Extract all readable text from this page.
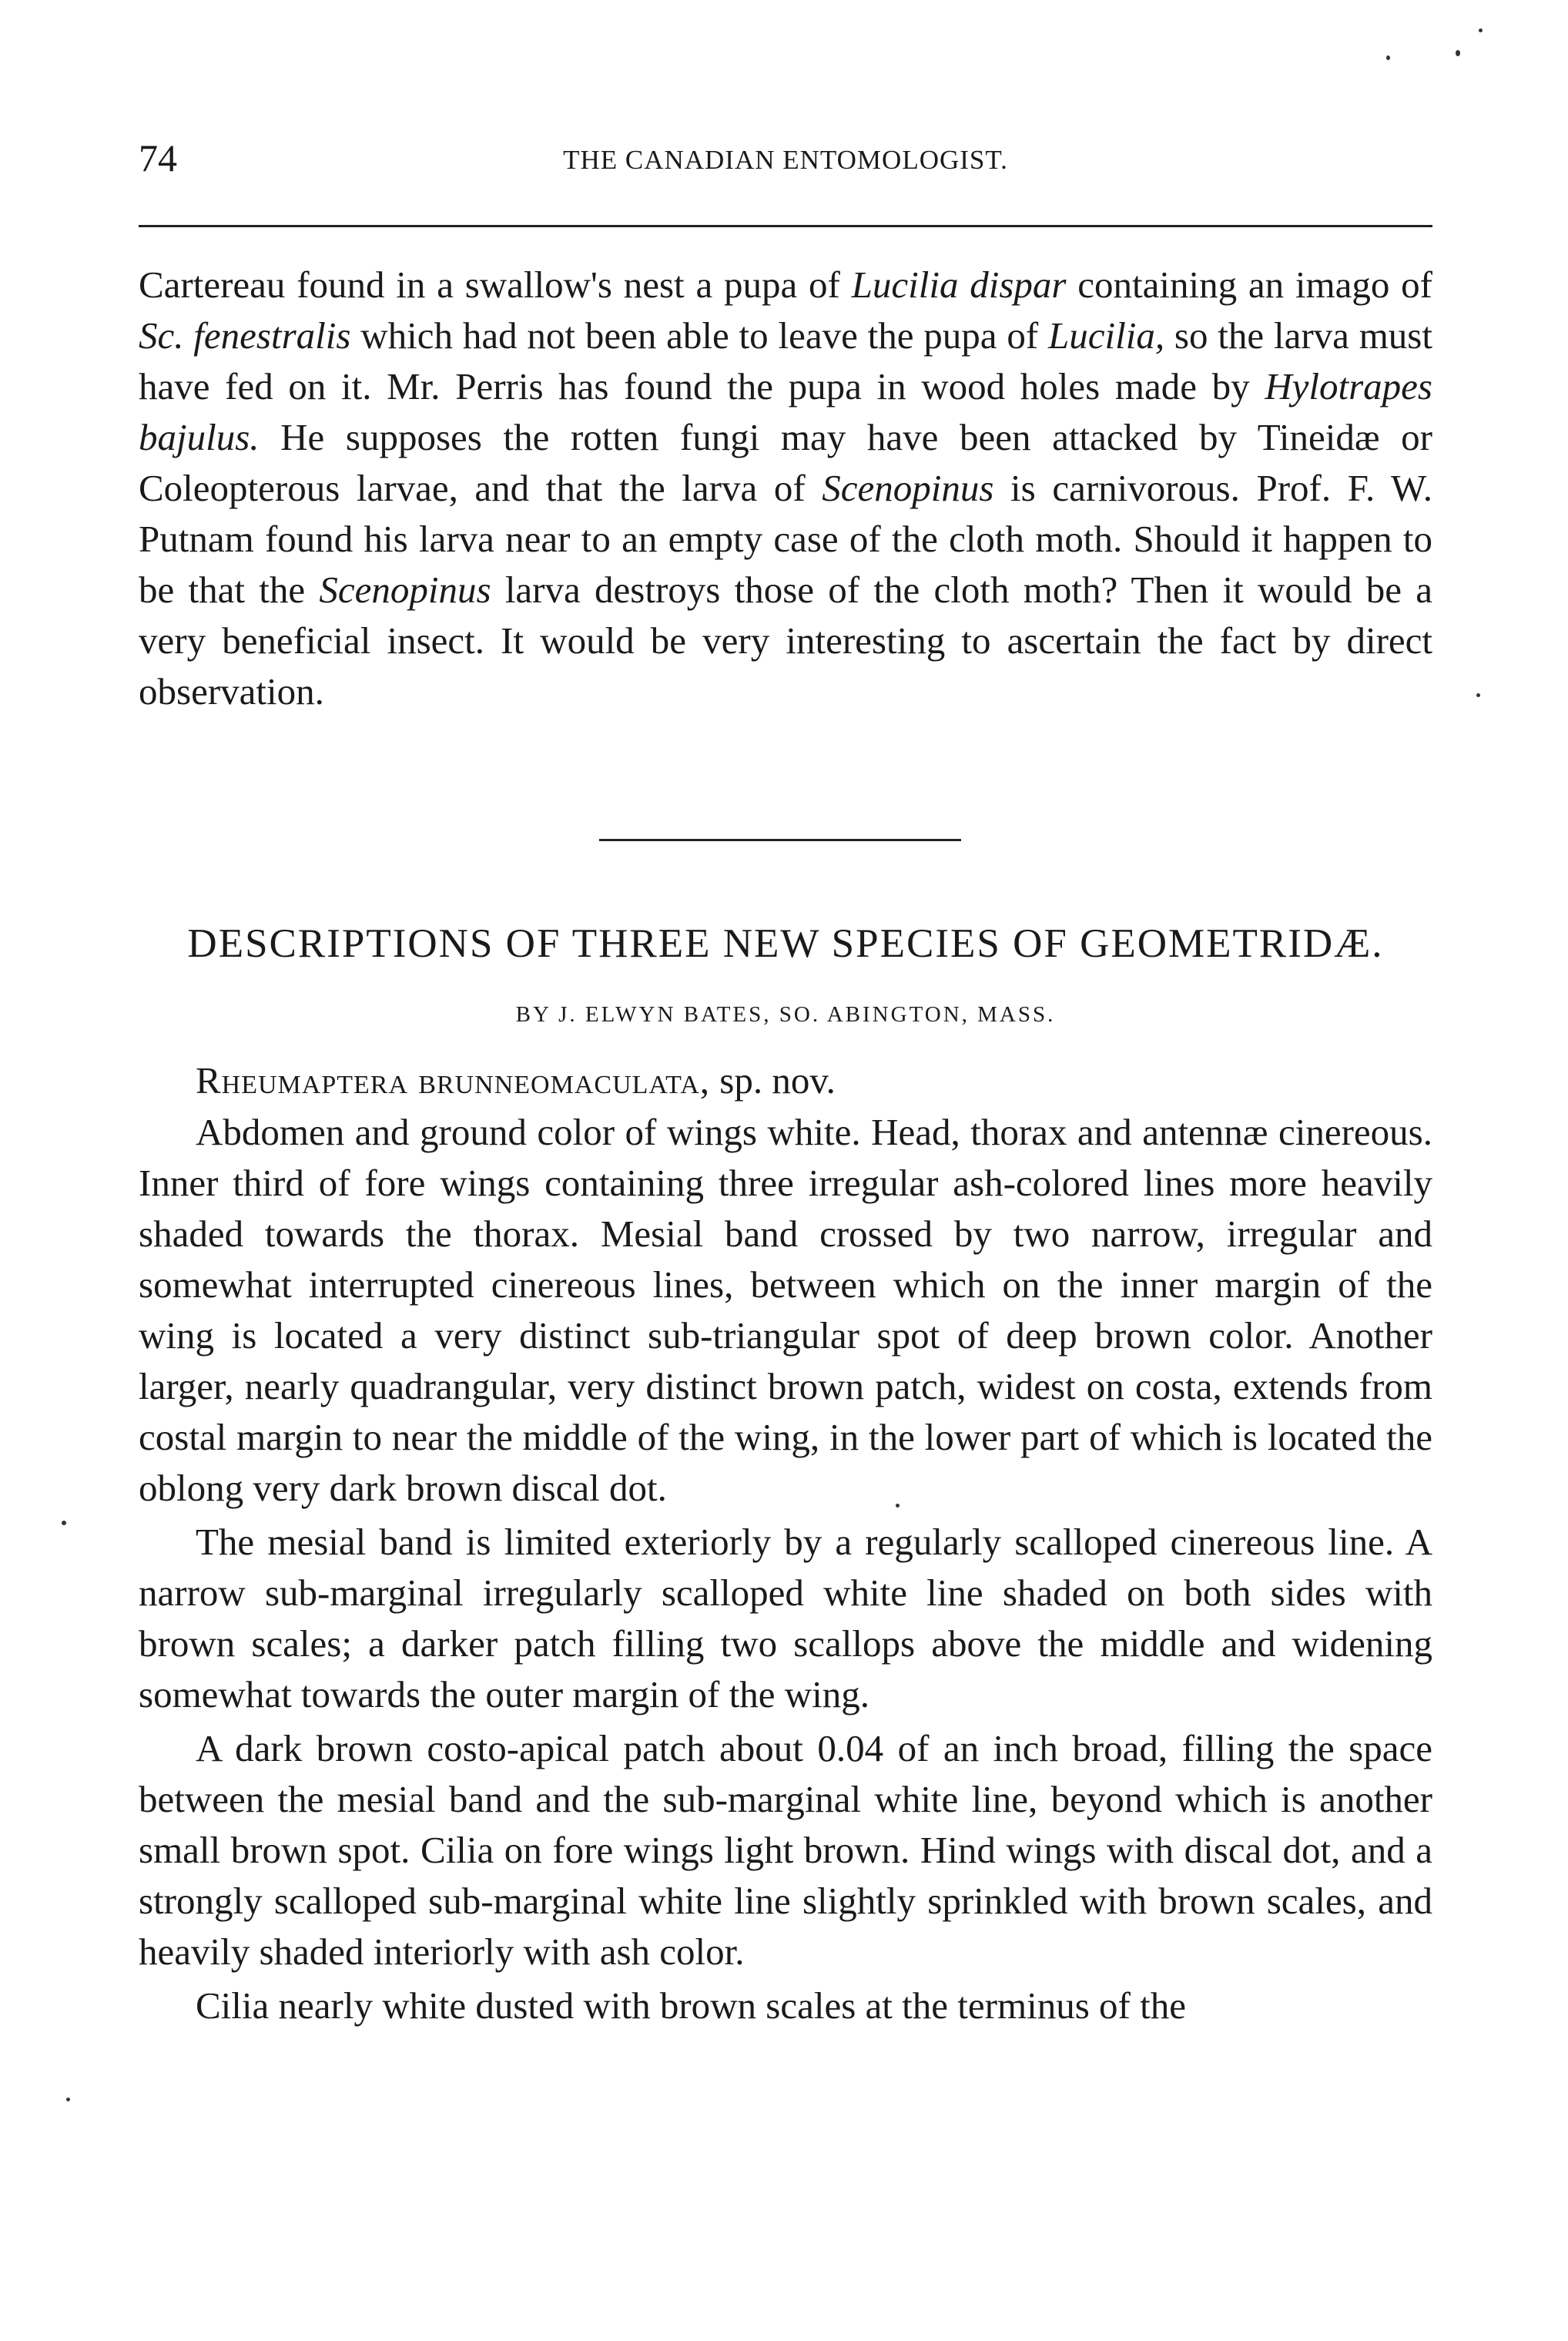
74	THE CANADIAN ENTOMOLOGIST.

Cartereau found in a swallow's nest a pupa of Lucilia dispar containing an imago of Sc. fenestralis which had not been able to leave the pupa of Lucilia, so the larva must have fed on it. Mr. Perris has found the pupa in wood holes made by Hylotrapes bajulus. He supposes the rotten fungi may have been attacked by Tineidæ or Coleopterous larvae, and that the larva of Scenopinus is carnivorous. Prof. F. W. Putnam found his larva near to an empty case of the cloth moth. Should it happen to be that the Scenopinus larva destroys those of the cloth moth? Then it would be a very beneficial insect. It would be very interesting to ascertain the fact by direct observation.

DESCRIPTIONS OF THREE NEW SPECIES OF GEOMETRIDÆ.
BY J. ELWYN BATES, SO. ABINGTON, MASS.
Rheumaptera brunneomaculata, sp. nov.

Abdomen and ground color of wings white. Head, thorax and antennæ cinereous. Inner third of fore wings containing three irregular ash-colored lines more heavily shaded towards the thorax. Mesial band crossed by two narrow, irregular and somewhat interrupted cinereous lines, between which on the inner margin of the wing is located a very distinct sub-triangular spot of deep brown color. Another larger, nearly quadrangular, very distinct brown patch, widest on costa, extends from costal margin to near the middle of the wing, in the lower part of which is located the oblong very dark brown discal dot.

The mesial band is limited exteriorly by a regularly scalloped cinereous line. A narrow sub-marginal irregularly scalloped white line shaded on both sides with brown scales; a darker patch filling two scallops above the middle and widening somewhat towards the outer margin of the wing.

A dark brown costo-apical patch about 0.04 of an inch broad, filling the space between the mesial band and the sub-marginal white line, beyond which is another small brown spot. Cilia on fore wings light brown. Hind wings with discal dot, and a strongly scalloped sub-marginal white line slightly sprinkled with brown scales, and heavily shaded interiorly with ash color.

Cilia nearly white dusted with brown scales at the terminus of the
